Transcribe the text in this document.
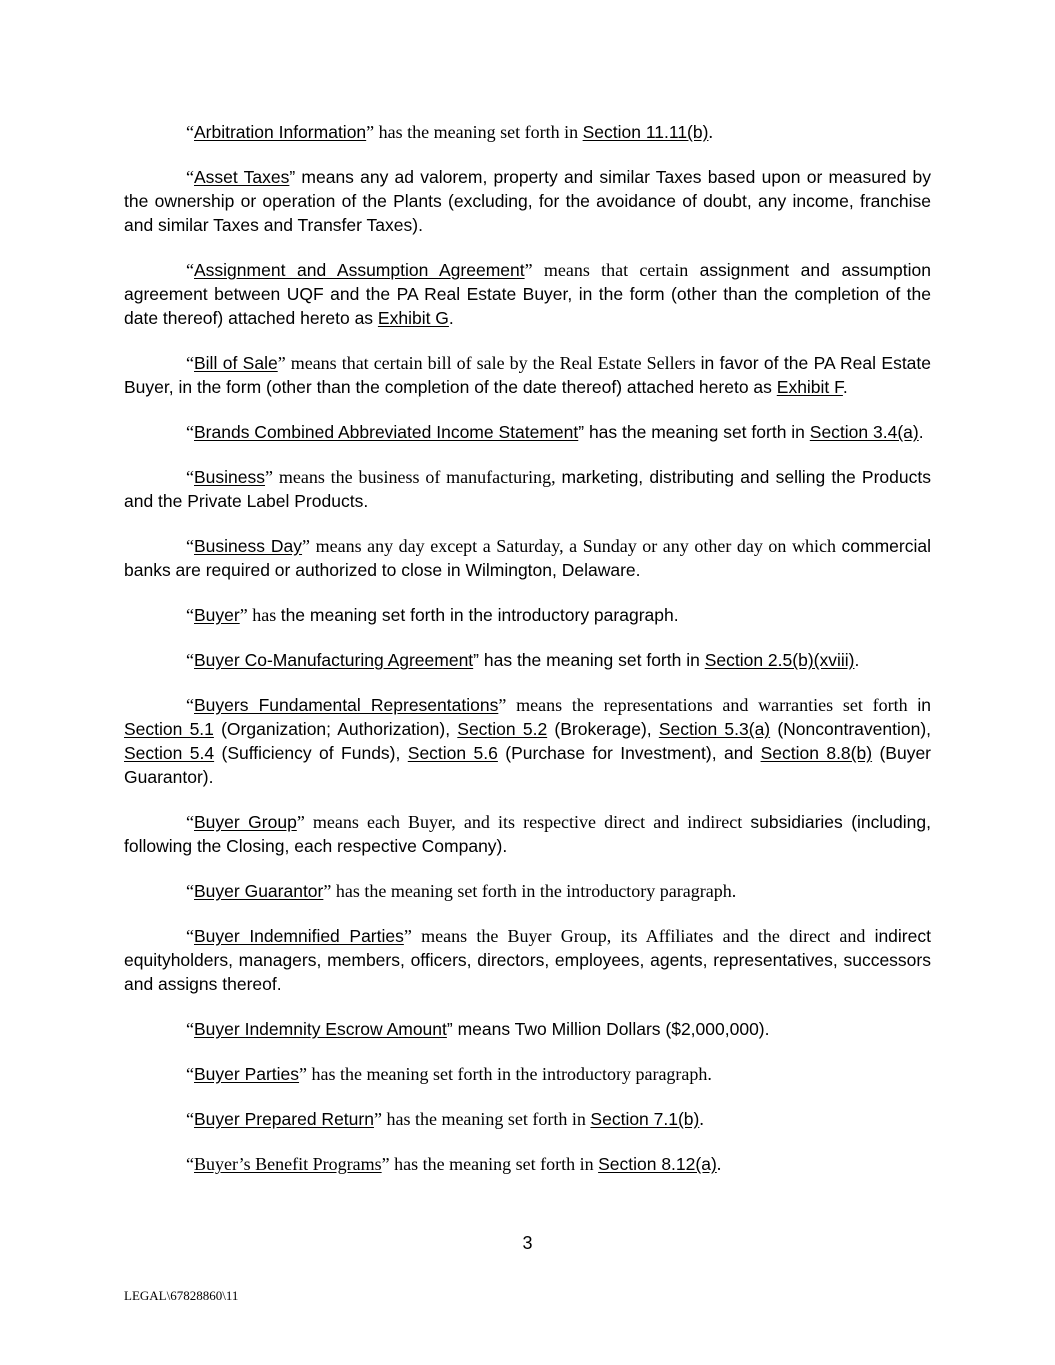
“Arbitration Information” has the meaning set forth in Section 11.11(b).

“Asset Taxes” means any ad valorem, property and similar Taxes based upon or measured by the ownership or operation of the Plants (excluding, for the avoidance of doubt, any income, franchise and similar Taxes and Transfer Taxes).

“Assignment and Assumption Agreement” means that certain assignment and assumption agreement between UQF and the PA Real Estate Buyer, in the form (other than the completion of the date thereof) attached hereto as Exhibit G.

“Bill of Sale” means that certain bill of sale by the Real Estate Sellers in favor of the PA Real Estate Buyer, in the form (other than the completion of the date thereof) attached hereto as Exhibit F.

“Brands Combined Abbreviated Income Statement” has the meaning set forth in Section 3.4(a).

“Business” means the business of manufacturing, marketing, distributing and selling the Products and the Private Label Products.

“Business Day” means any day except a Saturday, a Sunday or any other day on which commercial banks are required or authorized to close in Wilmington, Delaware.

“Buyer” has the meaning set forth in the introductory paragraph.

“Buyer Co-Manufacturing Agreement” has the meaning set forth in Section 2.5(b)(xviii).

“Buyers Fundamental Representations” means the representations and warranties set forth in Section 5.1 (Organization; Authorization), Section 5.2 (Brokerage), Section 5.3(a) (Noncontravention), Section 5.4 (Sufficiency of Funds), Section 5.6 (Purchase for Investment), and Section 8.8(b) (Buyer Guarantor).

“Buyer Group” means each Buyer, and its respective direct and indirect subsidiaries (including, following the Closing, each respective Company).

“Buyer Guarantor” has the meaning set forth in the introductory paragraph.

“Buyer Indemnified Parties” means the Buyer Group, its Affiliates and the direct and indirect equityholders, managers, members, officers, directors, employees, agents, representatives, successors and assigns thereof.

“Buyer Indemnity Escrow Amount” means Two Million Dollars ($2,000,000).

“Buyer Parties” has the meaning set forth in the introductory paragraph.

“Buyer Prepared Return” has the meaning set forth in Section 7.1(b).

“Buyer’s Benefit Programs” has the meaning set forth in Section 8.12(a).

3
LEGAL\67828860\11
